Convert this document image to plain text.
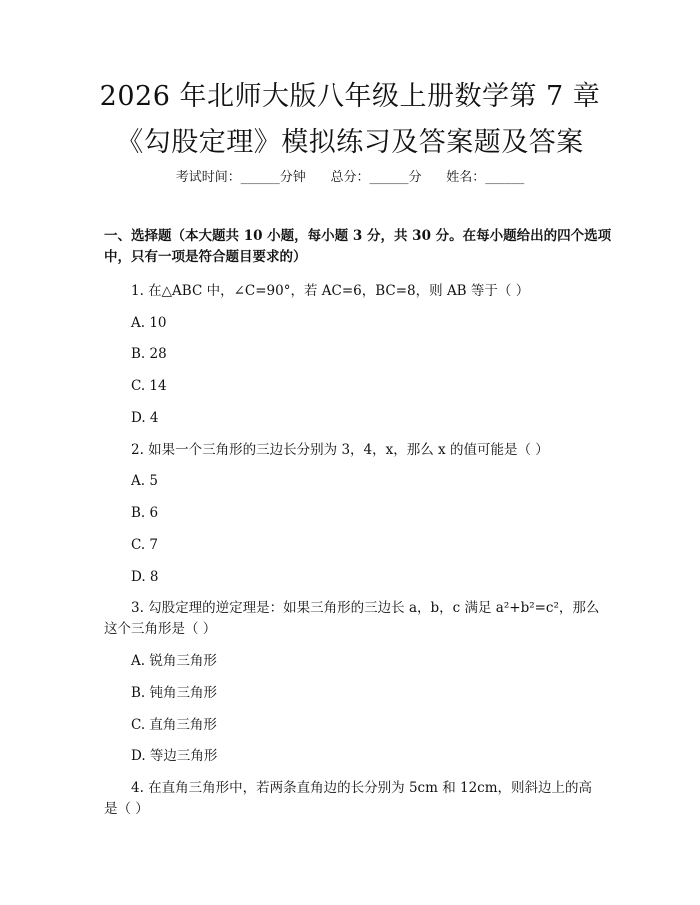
2026 年北师大版八年级上册数学第 7 章《勾股定理》模拟练习及答案题及答案
考试时间：______分钟      总分：______分      姓名：______
一、选择题（本大题共 10 小题，每小题 3 分，共 30 分。在每小题给出的四个选项中，只有一项是符合题目要求的）
1. 在△ABC 中，∠C=90°，若 AC=6，BC=8，则 AB 等于（ ）
A. 10
B. 28
C. 14
D. 4
2. 如果一个三角形的三边长分别为 3，4，x，那么 x 的值可能是（ ）
A. 5
B. 6
C. 7
D. 8
3. 勾股定理的逆定理是：如果三角形的三边长 a，b，c 满足 a²+b²=c²，那么这个三角形是（ ）
A. 锐角三角形
B. 钝角三角形
C. 直角三角形
D. 等边三角形
4. 在直角三角形中，若两条直角边的长分别为 5cm 和 12cm，则斜边上的高是（ ）
